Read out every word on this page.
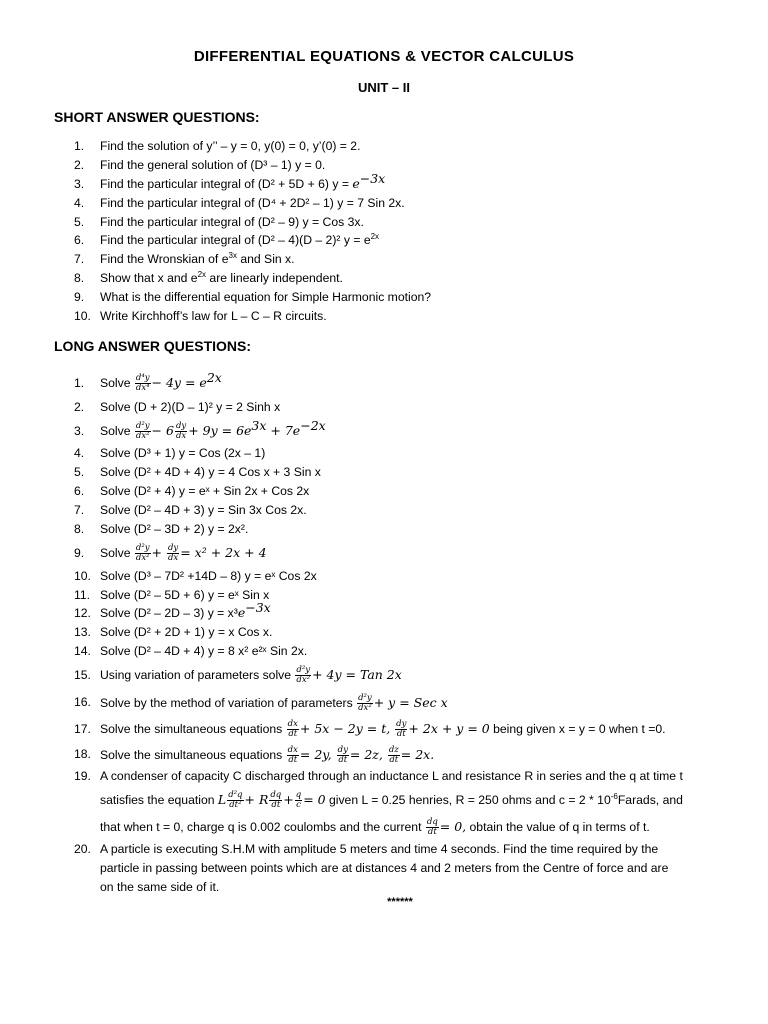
DIFFERENTIAL EQUATIONS & VECTOR CALCULUS
UNIT – II
SHORT ANSWER QUESTIONS:
1. Find the solution of y’’ – y = 0, y(0) = 0, y’(0) = 2.
2. Find the general solution of (D³ – 1) y = 0.
3. Find the particular integral of (D² + 5D + 6) $y = e^{-3x}$
4. Find the particular integral of (D⁴ + 2D² – 1) y = 7 Sin 2x.
5. Find the particular integral of (D² – 9) y = Cos 3x.
6. Find the particular integral of (D² – 4)(D – 2)² $y = e^{2x}$
7. Find the Wronskian of $e^{3x}$ and Sin x.
8. Show that x and $e^{2x}$ are linearly independent.
9. What is the differential equation for Simple Harmonic motion?
10. Write Kirchhoff’s law for L – C – R circuits.
LONG ANSWER QUESTIONS:
1. Solve $\frac{\text{d⁴y}}{\text{dx⁴}} - 4y = e^{2x}$
2. Solve (D + 2)(D – 1)² y = 2 Sinh x
3. Solve $\frac{\text{d²y}}{\text{dx²}} - 6 \frac{dy}{dx} + 9y = 6e^{3x} + 7e^{-2x}$
4. Solve (D³ + 1) y = Cos (2x – 1)
5. Solve (D² + 4D + 4) y = 4 Cos x + 3 Sin x
6. Solve (D² + 4) y = eˣ + Sin 2x + Cos 2x
7. Solve (D² – 4D + 3) y = Sin 3x Cos 2x.
8. Solve (D² – 3D + 2) y = 2x².
9. Solve $\frac{\text{d²y}}{\text{dx²}} + \frac{dy}{dx} = x^2 + 2x + 4$
10. Solve (D³ – 7D² +14D – 8) y = eˣ Cos 2x
11. Solve (D² – 5D + 6) y = eˣ Sin x
12. Solve (D² – 2D – 3) $y = x^3e^{-3x}$
13. Solve (D² + 2D + 1) y = x Cos x.
14. Solve (D² – 4D + 4) y = 8 x² e²ˣ Sin 2x.
15. Using variation of parameters solve $\frac{\text{d²y}}{\text{dx²}} + 4y$ = Tan 2x
16. Solve by the method of variation of parameters $\frac{\text{d²y}}{\text{dx²}} + y$ = Sec x
17. Solve the simultaneous equations $\frac{dx}{dt} + 5x - 2y = t$, $\frac{dy}{dt} + 2x + y = 0$ being given x = y = 0 when t =0.
18. Solve the simultaneous equations $\frac{dx}{dt} = 2y$, $\frac{dy}{dt} = 2z$, $\frac{dz}{dt} = 2x$.
19. A condenser of capacity C discharged through an inductance L and resistance R in series and the q at time t
satisfies the equation L $\frac{\text{d²q}}{\text{dt²}} + R \frac{dq}{dt} + \frac{q}{c} = 0$ given L = 0.25 henries, R = 250 ohms and $c = 2 * 10^{-6}Farads$, and
that when t = 0, charge q is 0.002 coulombs and the current $\frac{dq}{dt} = 0$, obtain the value of q in terms of t.
20. A particle is executing S.H.M with amplitude 5 meters and time 4 seconds. Find the time required by the
particle in passing between points which are at distances 4 and 2 meters from the Centre of force and are
on the same side of it.
******
